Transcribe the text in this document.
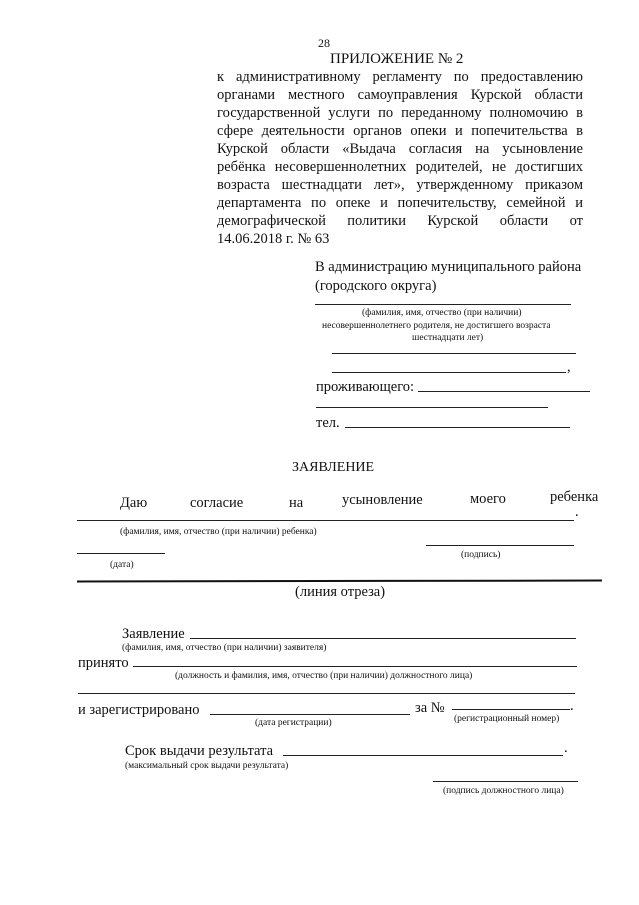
28
ПРИЛОЖЕНИЕ № 2
к административному регламенту по предоставлению
органами местного самоуправления Курской области
государственной услуги по переданному полномочию в
сфере деятельности органов опеки и попечительства в
Курской области «Выдача согласия на усыновление
ребёнка несовершеннолетних родителей, не достигших
возраста шестнадцати лет», утвержденному приказом
департамента по опеке и попечительству, семейной и
демографической политики Курской области от
14.06.2018 г. № 63
В администрацию муниципального района
(городского округа)
(фамилия, имя, отчество (при наличии)
несовершеннолетнего родителя, не достигшего возраста
шестнадцати лет)
,
проживающего:
тел.
ЗАЯВЛЕНИЕ
Даю	согласие	на	усыновление	моего	ребенка
.
(фамилия, имя, отчество (при наличии) ребенка)
(подпись)
(дата)
(линия отреза)
Заявление
(фамилия, имя, отчество (при наличии) заявителя)
принято
(должность и фамилия, имя, отчество (при наличии) должностного лица)
и зарегистрировано	за №	.
(дата регистрации)	(регистрационный номер)
Срок выдачи результата	.
(максимальный срок выдачи результата)
(подпись должностного лица)
